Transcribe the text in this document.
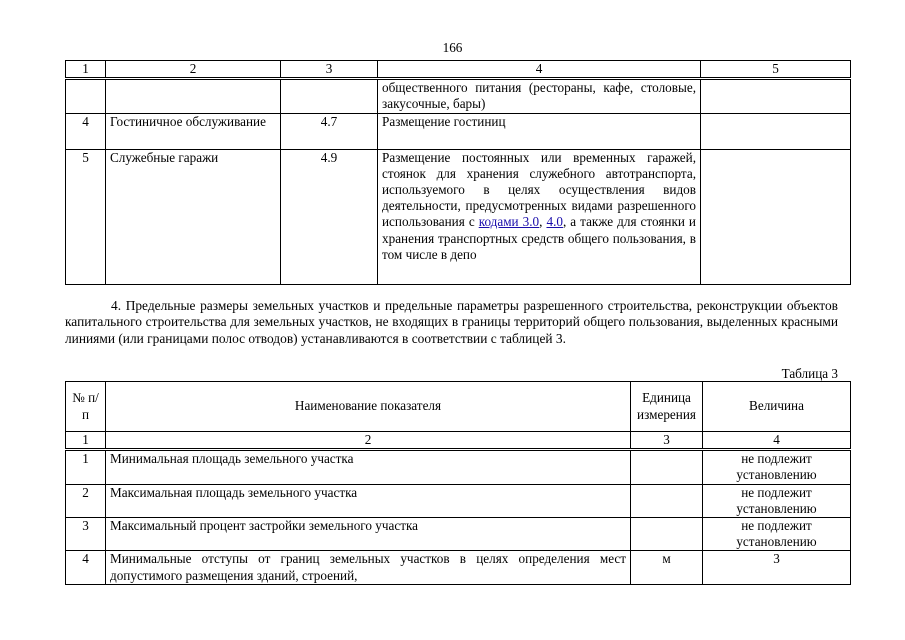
166
1	2	3	4	5
			общественного питания (рестораны, кафе, столовые, закусочные, бары)	
4	Гостиничное обслуживание	4.7	Размещение гостиниц	
5	Служебные гаражи	4.9	Размещение постоянных или временных гаражей, стоянок для хранения служебного автотранспорта, используемого в целях осуществления видов деятельности, предусмотренных видами разрешенного использования с кодами 3.0, 4.0, а также для стоянки и хранения транспортных средств общего пользования, в том числе в депо	
4. Предельные размеры земельных участков и предельные параметры разрешенного строительства, реконструкции объектов капитального строительства для земельных участков, не входящих в границы территорий общего пользования, выделенных красными линиями (или границами полос отводов) устанавливаются в соответствии с таблицей 3.
Таблица 3
№ п/п	Наименование показателя	Единица измерения	Величина
1	2	3	4
1	Минимальная площадь земельного участка		не подлежит установлению
2	Максимальная площадь земельного участка		не подлежит установлению
3	Максимальный процент застройки земельного участка		не подлежит установлению
4	Минимальные отступы от границ земельных участков в целях определения мест допустимого размещения зданий, строений,	м	3
